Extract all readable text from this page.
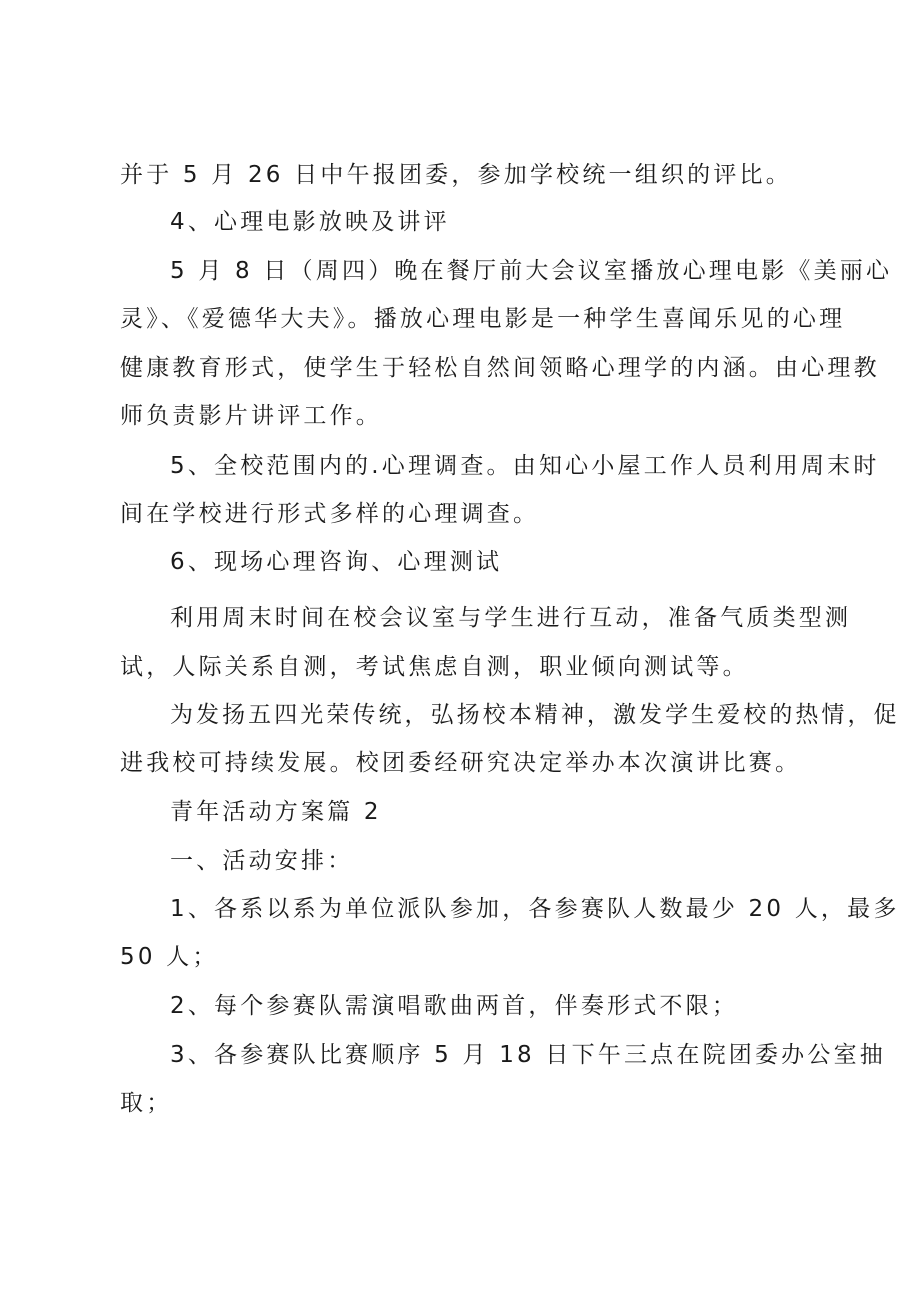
并于 5 月 26 日中午报团委，参加学校统一组织的评比。
4、心理电影放映及讲评
5 月 8 日（周四）晚在餐厅前大会议室播放心理电影《美丽心
灵》、《爱德华大夫》。播放心理电影是一种学生喜闻乐见的心理
健康教育形式，使学生于轻松自然间领略心理学的内涵。由心理教
师负责影片讲评工作。
5、全校范围内的.心理调查。由知心小屋工作人员利用周末时
间在学校进行形式多样的心理调查。
6、现场心理咨询、心理测试
利用周末时间在校会议室与学生进行互动，准备气质类型测
试，人际关系自测，考试焦虑自测，职业倾向测试等。
为发扬五四光荣传统，弘扬校本精神，激发学生爱校的热情，促
进我校可持续发展。校团委经研究决定举办本次演讲比赛。
青年活动方案篇 2
一、活动安排：
1、各系以系为单位派队参加，各参赛队人数最少 20 人，最多
50 人；
2、每个参赛队需演唱歌曲两首，伴奏形式不限；
3、各参赛队比赛顺序 5 月 18 日下午三点在院团委办公室抽
取；
